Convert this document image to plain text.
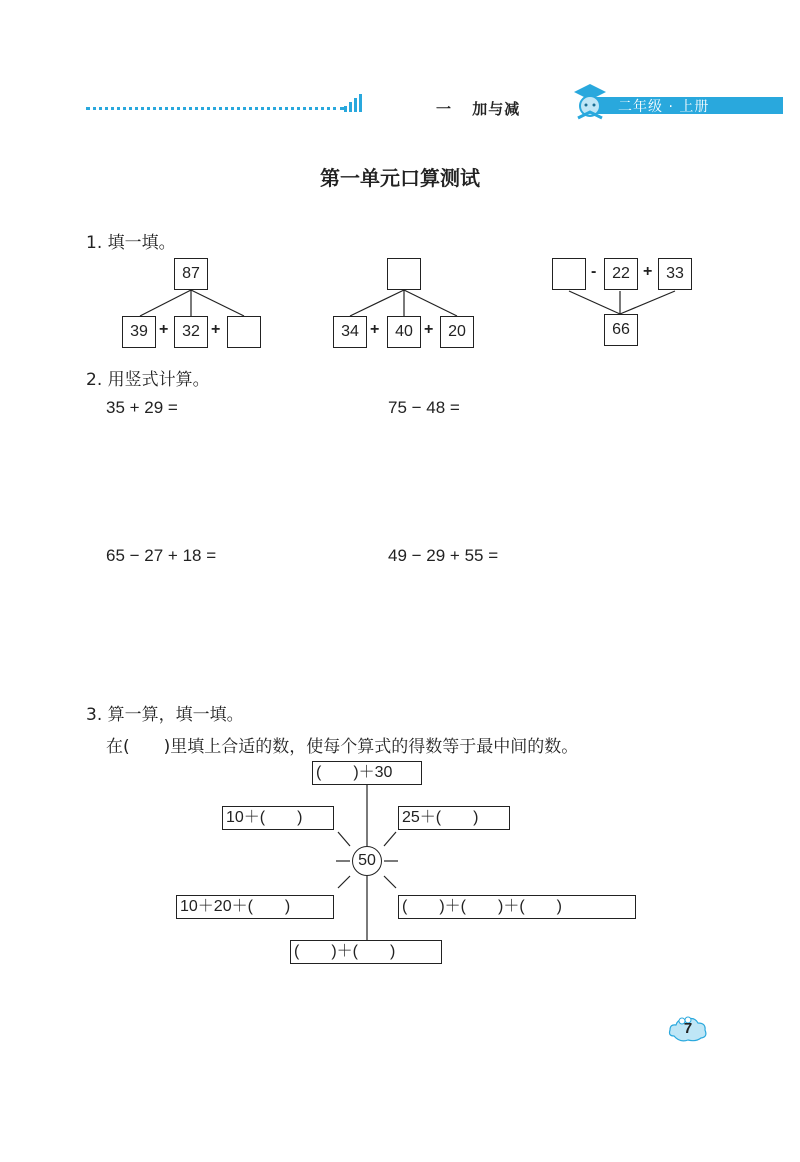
一 加与减	二年级 · 上册
第一单元口算测试
1. 填一填。
87
39 + 32 +	34 + 40 + 20
- 22 + 33
66
2. 用竖式计算。
35 + 29 =	75 − 48 =
65 − 27 + 18 =	49 − 29 + 55 =
3. 算一算，填一填。
在(　　)里填上合适的数，使每个算式的得数等于最中间的数。
(　　)＋30
10＋(　　)	25＋(　　)
50
10＋20＋(　　)	(　　)＋(　　)＋(　　)
(　　)＋(　　)
7
